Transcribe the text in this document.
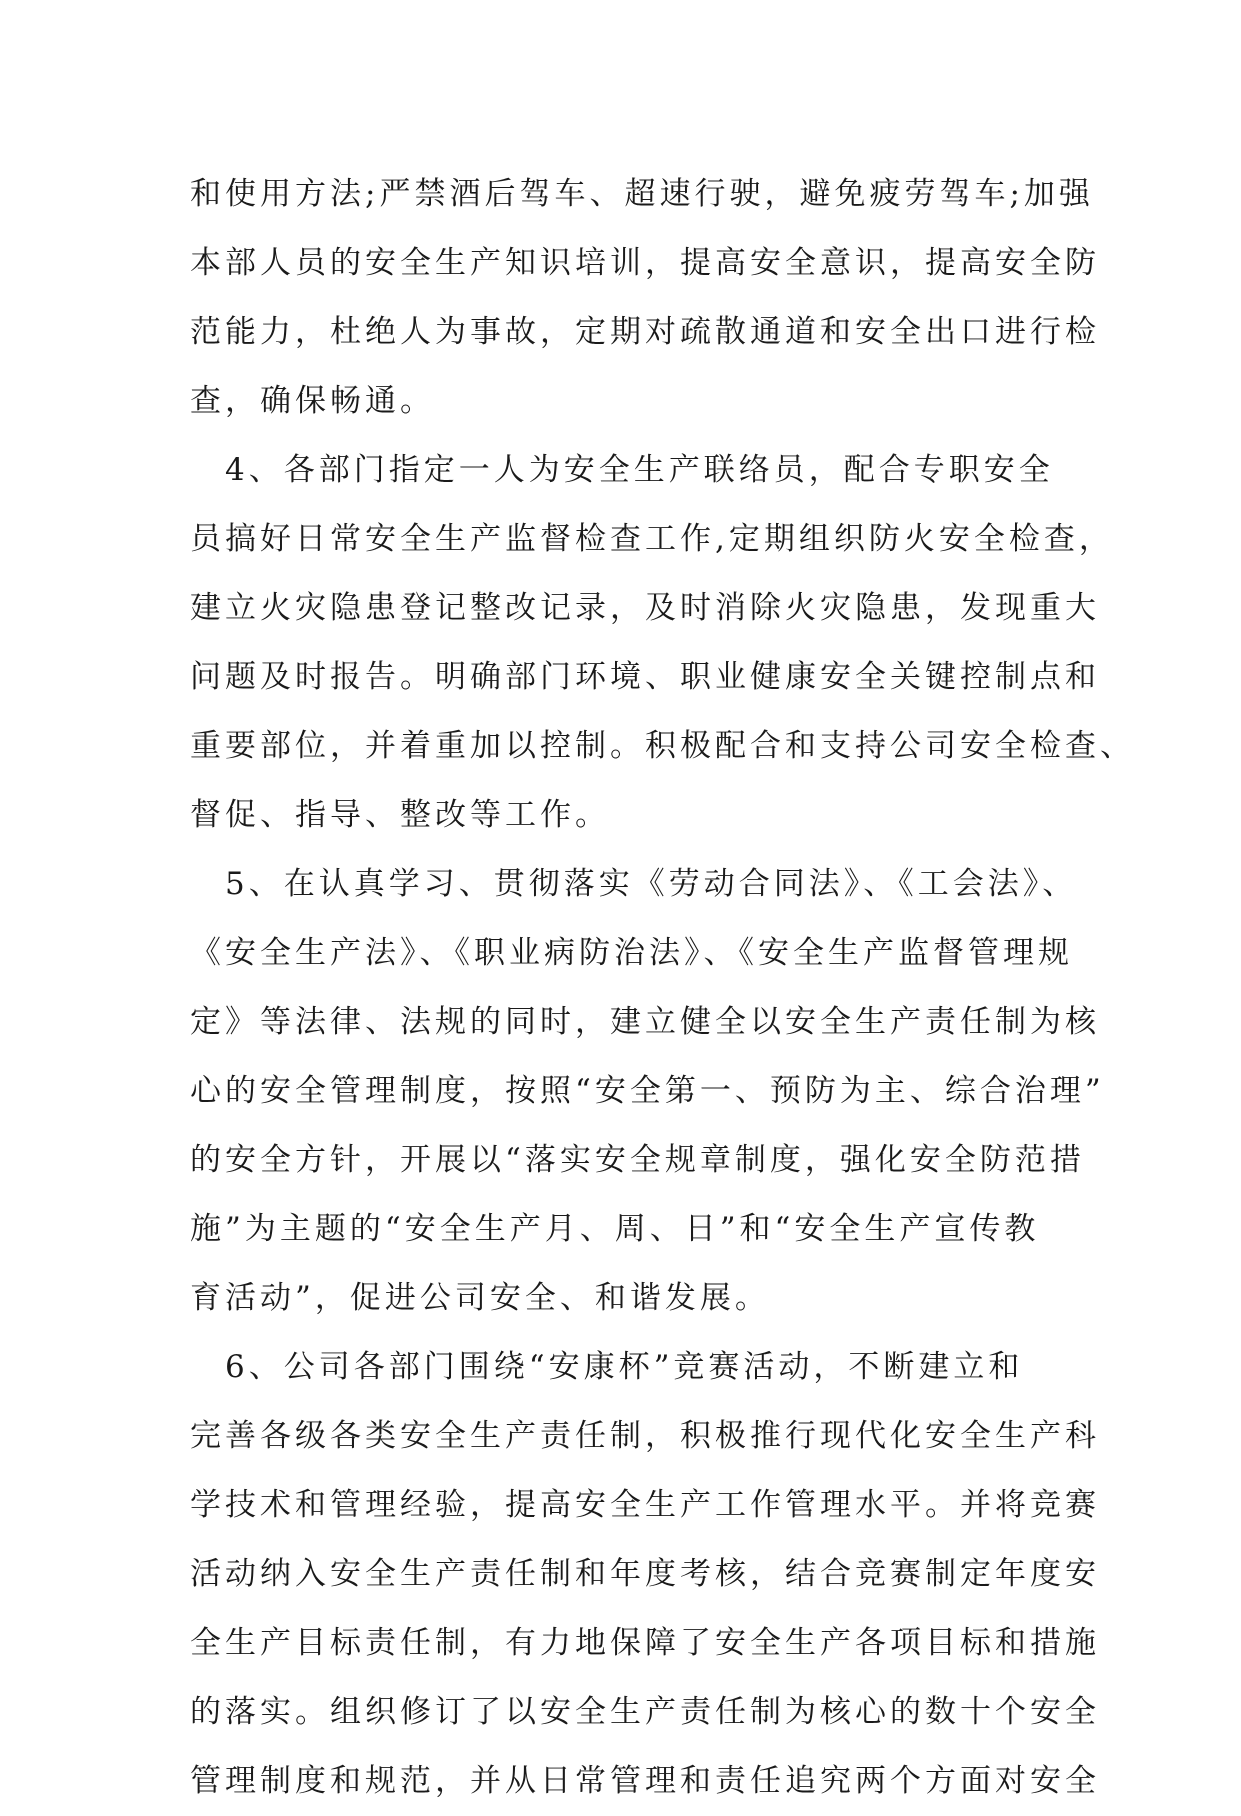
和使用方法;严禁酒后驾车、超速行驶，避免疲劳驾车;加强
本部人员的安全生产知识培训，提高安全意识，提高安全防
范能力，杜绝人为事故，定期对疏散通道和安全出口进行检
查，确保畅通。
　4、各部门指定一人为安全生产联络员，配合专职安全
员搞好日常安全生产监督检查工作,定期组织防火安全检查，
建立火灾隐患登记整改记录，及时消除火灾隐患，发现重大
问题及时报告。明确部门环境、职业健康安全关键控制点和
重要部位，并着重加以控制。积极配合和支持公司安全检查、
督促、指导、整改等工作。
　5、在认真学习、贯彻落实《劳动合同法》、《工会法》、
《安全生产法》、《职业病防治法》、《安全生产监督管理规
定》等法律、法规的同时，建立健全以安全生产责任制为核
心的安全管理制度，按照“安全第一、预防为主、综合治理”
的安全方针，开展以“落实安全规章制度，强化安全防范措
施”为主题的“安全生产月、周、日”和“安全生产宣传教
育活动”，促进公司安全、和谐发展。
　6、公司各部门围绕“安康杯”竞赛活动，不断建立和
完善各级各类安全生产责任制，积极推行现代化安全生产科
学技术和管理经验，提高安全生产工作管理水平。并将竞赛
活动纳入安全生产责任制和年度考核，结合竞赛制定年度安
全生产目标责任制，有力地保障了安全生产各项目标和措施
的落实。组织修订了以安全生产责任制为核心的数十个安全
管理制度和规范，并从日常管理和责任追究两个方面对安全
